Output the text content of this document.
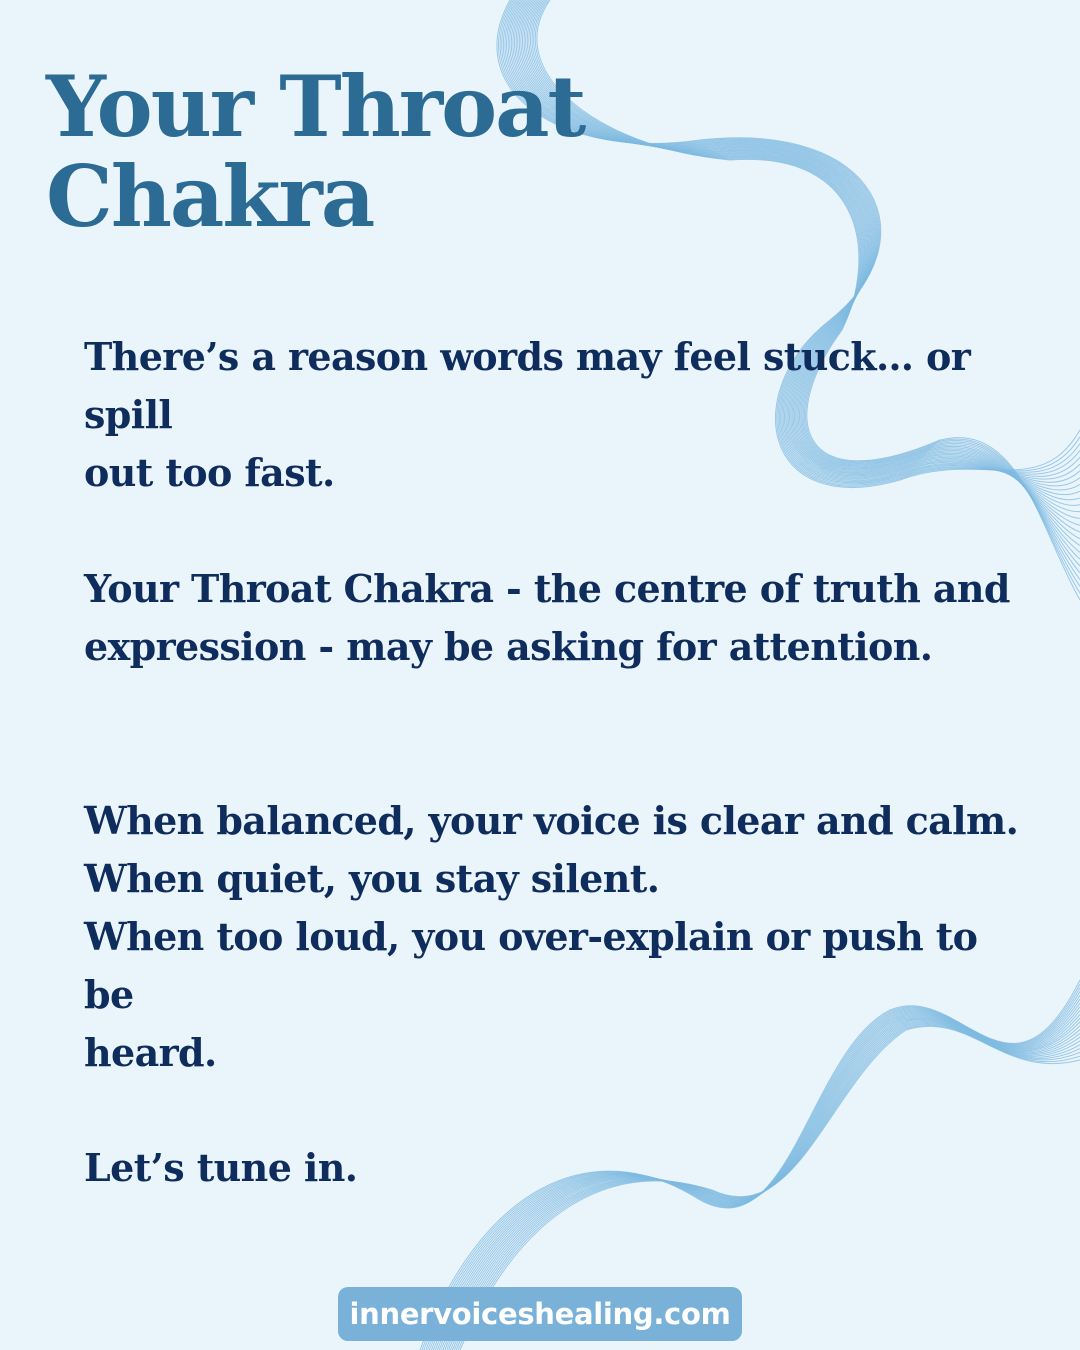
Your Throat
Chakra

There’s a reason words may feel stuck… or spill
out too fast.

Your Throat Chakra - the centre of truth and
expression - may be asking for attention.

When balanced, your voice is clear and calm.
When quiet, you stay silent.
When too loud, you over-explain or push to be
heard.

Let’s tune in.

innervoiceshealing.com
